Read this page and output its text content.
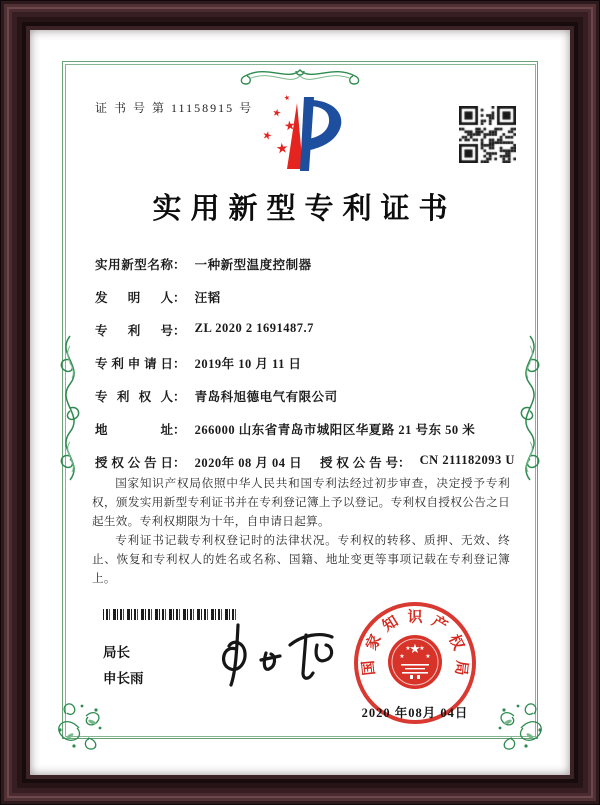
证 书 号 第 11158915 号
★
★
★
★
★
实用新型专利证书
实用新型名称： 一种新型温度控制器
发明人： 汪韬
专利号： ZL 2020 2 1691487.7
专利申请日： 2019年 10 月 11 日
专利权人： 青岛科旭德电气有限公司
地址： 266000 山东省青岛市城阳区华夏路 21 号东 50 米
授权公告日： 2020年 08 月 04 日 授权公告号： CN 211182093 U

国家知识产权局依照中华人民共和国专利法经过初步审查，决定授予专利权，颁发实用新型专利证书并在专利登记簿上予以登记。专利权自授权公告之日起生效。专利权期限为十年，自申请日起算。

专利证书记载专利权登记时的法律状况。专利权的转移、质押、无效、终止、恢复和专利权人的姓名或名称、国籍、地址变更等事项记载在专利登记簿上。

局长
申长雨
★
★
★ ★
★
国
家
知 识 产
权
局
2020 年08月 04日
